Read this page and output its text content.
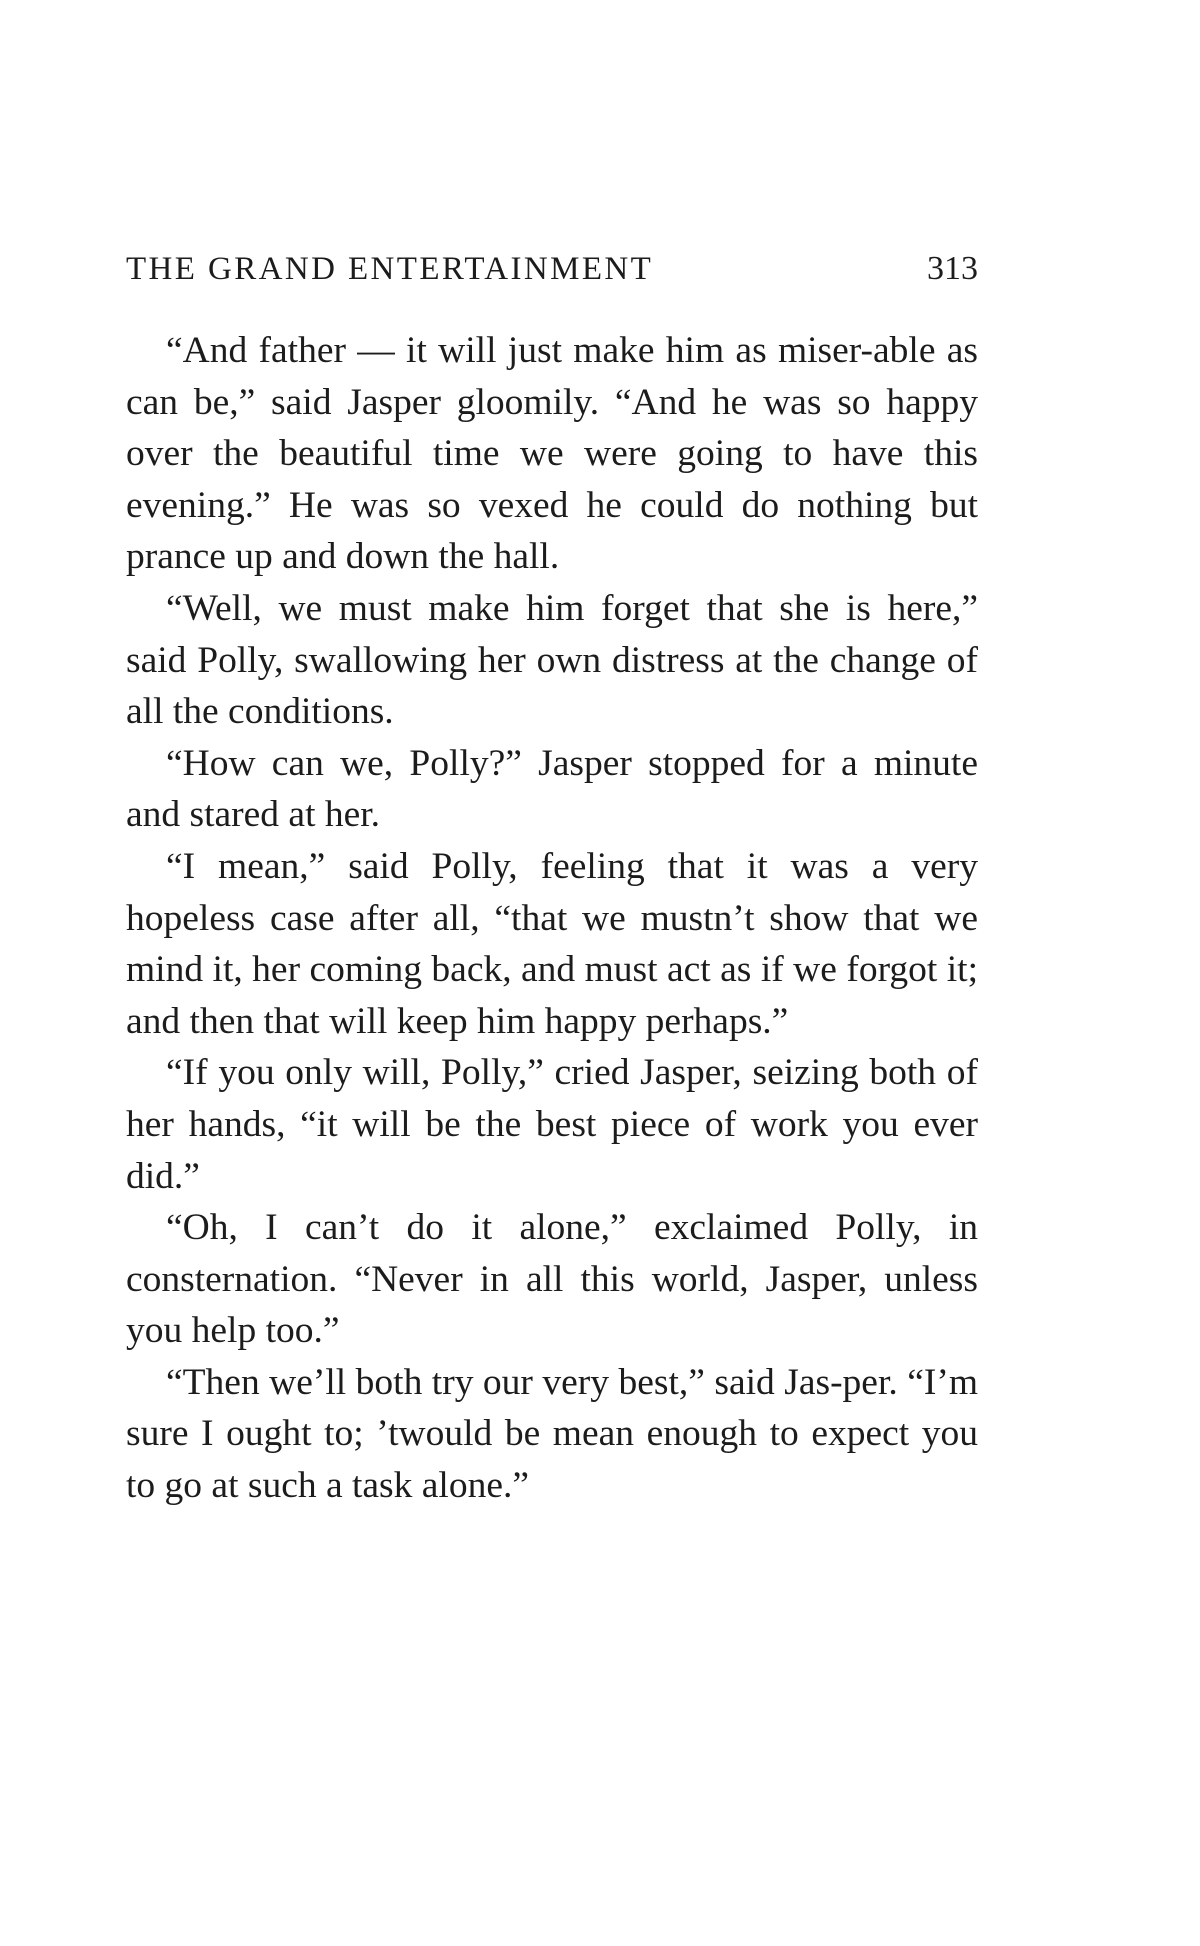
THE GRAND ENTERTAINMENT	313

“And father — it will just make him as miser-able as can be,” said Jasper gloomily. “And he was so happy over the beautiful time we were going to have this evening.” He was so vexed he could do nothing but prance up and down the hall.

“Well, we must make him forget that she is here,” said Polly, swallowing her own distress at the change of all the conditions.

“How can we, Polly?” Jasper stopped for a minute and stared at her.

“I mean,” said Polly, feeling that it was a very hopeless case after all, “that we mustn’t show that we mind it, her coming back, and must act as if we forgot it; and then that will keep him happy perhaps.”

“If you only will, Polly,” cried Jasper, seizing both of her hands, “it will be the best piece of work you ever did.”

“Oh, I can’t do it alone,” exclaimed Polly, in consternation. “Never in all this world, Jasper, unless you help too.”

“Then we’ll both try our very best,” said Jas-per. “I’m sure I ought to; ’twould be mean enough to expect you to go at such a task alone.”
